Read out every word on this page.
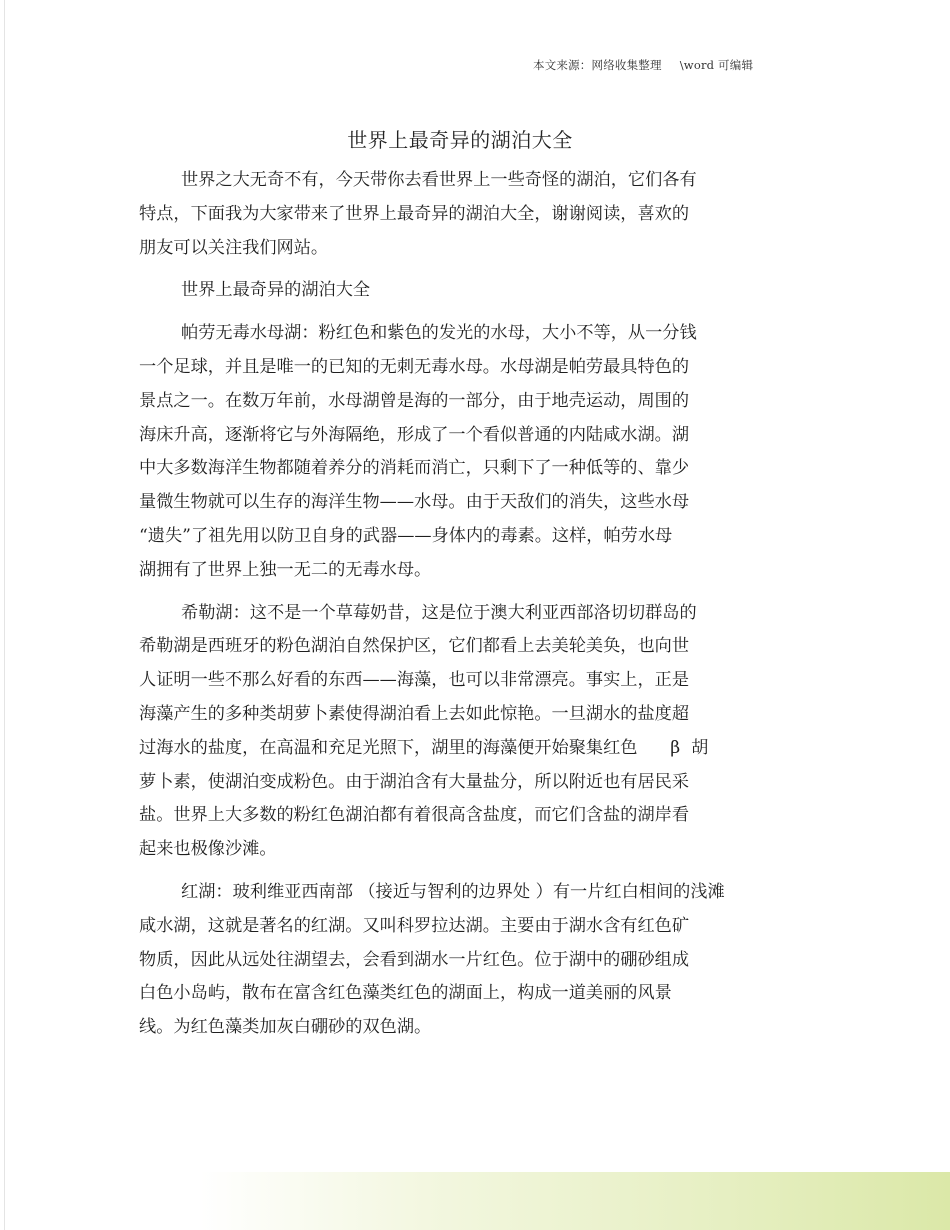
本文来源：网络收集整理 \word 可编辑
世界上最奇异的湖泊大全

世界之大无奇不有，今天带你去看世界上一些奇怪的湖泊，它们各有
特点，下面我为大家带来了世界上最奇异的湖泊大全，谢谢阅读，喜欢的
朋友可以关注我们网站。

世界上最奇异的湖泊大全

帕劳无毒水母湖：粉红色和紫色的发光的水母，大小不等，从一分钱
一个足球，并且是唯一的已知的无刺无毒水母。水母湖是帕劳最具特色的
景点之一。在数万年前，水母湖曾是海的一部分，由于地壳运动，周围的
海床升高，逐渐将它与外海隔绝，形成了一个看似普通的内陆咸水湖。湖
中大多数海洋生物都随着养分的消耗而消亡，只剩下了一种低等的、靠少
量微生物就可以生存的海洋生物——水母。由于天敌们的消失，这些水母
“遗失”了祖先用以防卫自身的武器——身体内的毒素。这样，帕劳水母
湖拥有了世界上独一无二的无毒水母。

希勒湖：这不是一个草莓奶昔，这是位于澳大利亚西部洛切切群岛的
希勒湖是西班牙的粉色湖泊自然保护区，它们都看上去美轮美奂，也向世
人证明一些不那么好看的东西——海藻，也可以非常漂亮。事实上，正是
海藻产生的多种类胡萝卜素使得湖泊看上去如此惊艳。一旦湖水的盐度超
过海水的盐度，在高温和充足光照下，湖里的海藻便开始聚集红色      β  胡
萝卜素，使湖泊变成粉色。由于湖泊含有大量盐分，所以附近也有居民采
盐。世界上大多数的粉红色湖泊都有着很高含盐度，而它们含盐的湖岸看
起来也极像沙滩。

红湖：玻利维亚西南部 （接近与智利的边界处 ）有一片红白相间的浅滩
咸水湖，这就是著名的红湖。又叫科罗拉达湖。主要由于湖水含有红色矿
物质，因此从远处往湖望去，会看到湖水一片红色。位于湖中的硼砂组成
白色小岛屿，散布在富含红色藻类红色的湖面上，构成一道美丽的风景
线。为红色藻类加灰白硼砂的双色湖。
